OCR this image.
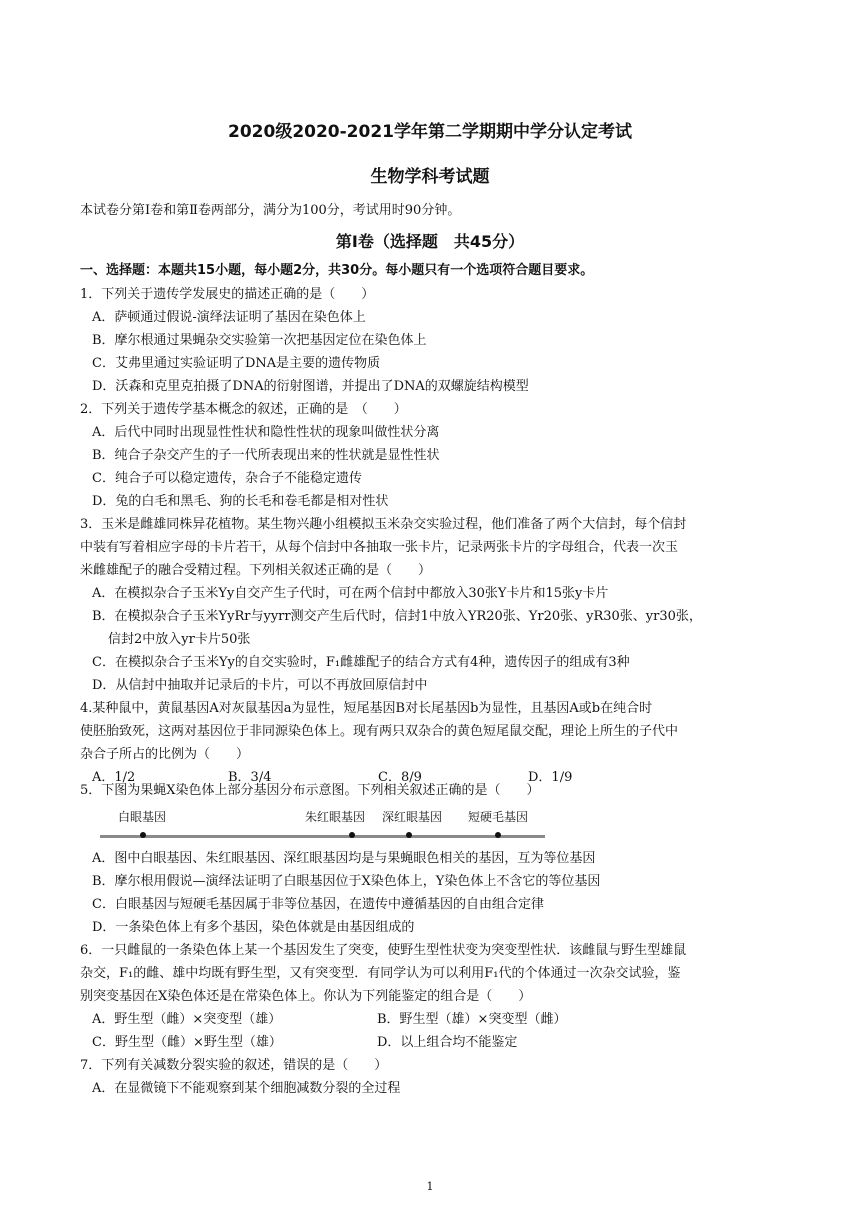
2020级2020-2021学年第二学期期中学分认定考试
生物学科考试题
本试卷分第Ⅰ卷和第Ⅱ卷两部分，满分为100分，考试用时90分钟。
第Ⅰ卷（选择题　共45分）
一、选择题：本题共15小题，每小题2分，共30分。每小题只有一个选项符合题目要求。
1．下列关于遗传学发展史的描述正确的是（　　）
A．萨顿通过假说-演绎法证明了基因在染色体上
B．摩尔根通过果蝇杂交实验第一次把基因定位在染色体上
C．艾弗里通过实验证明了DNA是主要的遗传物质
D．沃森和克里克拍摄了DNA的衍射图谱，并提出了DNA的双螺旋结构模型
2．下列关于遗传学基本概念的叙述，正确的是　（　　）
A．后代中同时出现显性性状和隐性性状的现象叫做性状分离
B．纯合子杂交产生的子一代所表现出来的性状就是显性性状
C．纯合子可以稳定遗传，杂合子不能稳定遗传
D．兔的白毛和黑毛、狗的长毛和卷毛都是相对性状
3．玉米是雌雄同株异花植物。某生物兴趣小组模拟玉米杂交实验过程，他们准备了两个大信封，每个信封
中装有写着相应字母的卡片若干，从每个信封中各抽取一张卡片，记录两张卡片的字母组合，代表一次玉
米雌雄配子的融合受精过程。下列相关叙述正确的是（　　）
A．在模拟杂合子玉米Yy自交产生子代时，可在两个信封中都放入30张Y卡片和15张y卡片
B．在模拟杂合子玉米YyRr与yyrr测交产生后代时，信封1中放入YR20张、Yr20张、yR30张、yr30张，
信封2中放入yr卡片50张
C．在模拟杂合子玉米Yy的自交实验时，F₁雌雄配子的结合方式有4种，遗传因子的组成有3种
D．从信封中抽取并记录后的卡片，可以不再放回原信封中
4.某种鼠中，黄鼠基因A对灰鼠基因a为显性，短尾基因B对长尾基因b为显性，且基因A或b在纯合时
使胚胎致死，这两对基因位于非同源染色体上。现有两只双杂合的黄色短尾鼠交配，理论上所生的子代中
杂合子所占的比例为（　　）
A．1/2	B．3/4	C．8/9	D．1/9
5．下图为果蝇X染色体上部分基因分布示意图。下列相关叙述正确的是（　　）
白眼基因	朱红眼基因 深红眼基因 短硬毛基因
A．图中白眼基因、朱红眼基因、深红眼基因均是与果蝇眼色相关的基因，互为等位基因
B．摩尔根用假说—演绎法证明了白眼基因位于X染色体上，Y染色体上不含它的等位基因
C．白眼基因与短硬毛基因属于非等位基因，在遗传中遵循基因的自由组合定律
D．一条染色体上有多个基因，染色体就是由基因组成的
6．一只雌鼠的一条染色体上某一个基因发生了突变，使野生型性状变为突变型性状．该雌鼠与野生型雄鼠
杂交，F₁的雌、雄中均既有野生型，又有突变型．有同学认为可以利用F₁代的个体通过一次杂交试验，鉴
别突变基因在X染色体还是在常染色体上。你认为下列能鉴定的组合是（　　）
A．野生型（雌）×突变型（雄）	B．野生型（雄）×突变型（雌）
C．野生型（雌）×野生型（雄）	D．以上组合均不能鉴定
7．下列有关减数分裂实验的叙述，错误的是（　　）
A．在显微镜下不能观察到某个细胞减数分裂的全过程
1
